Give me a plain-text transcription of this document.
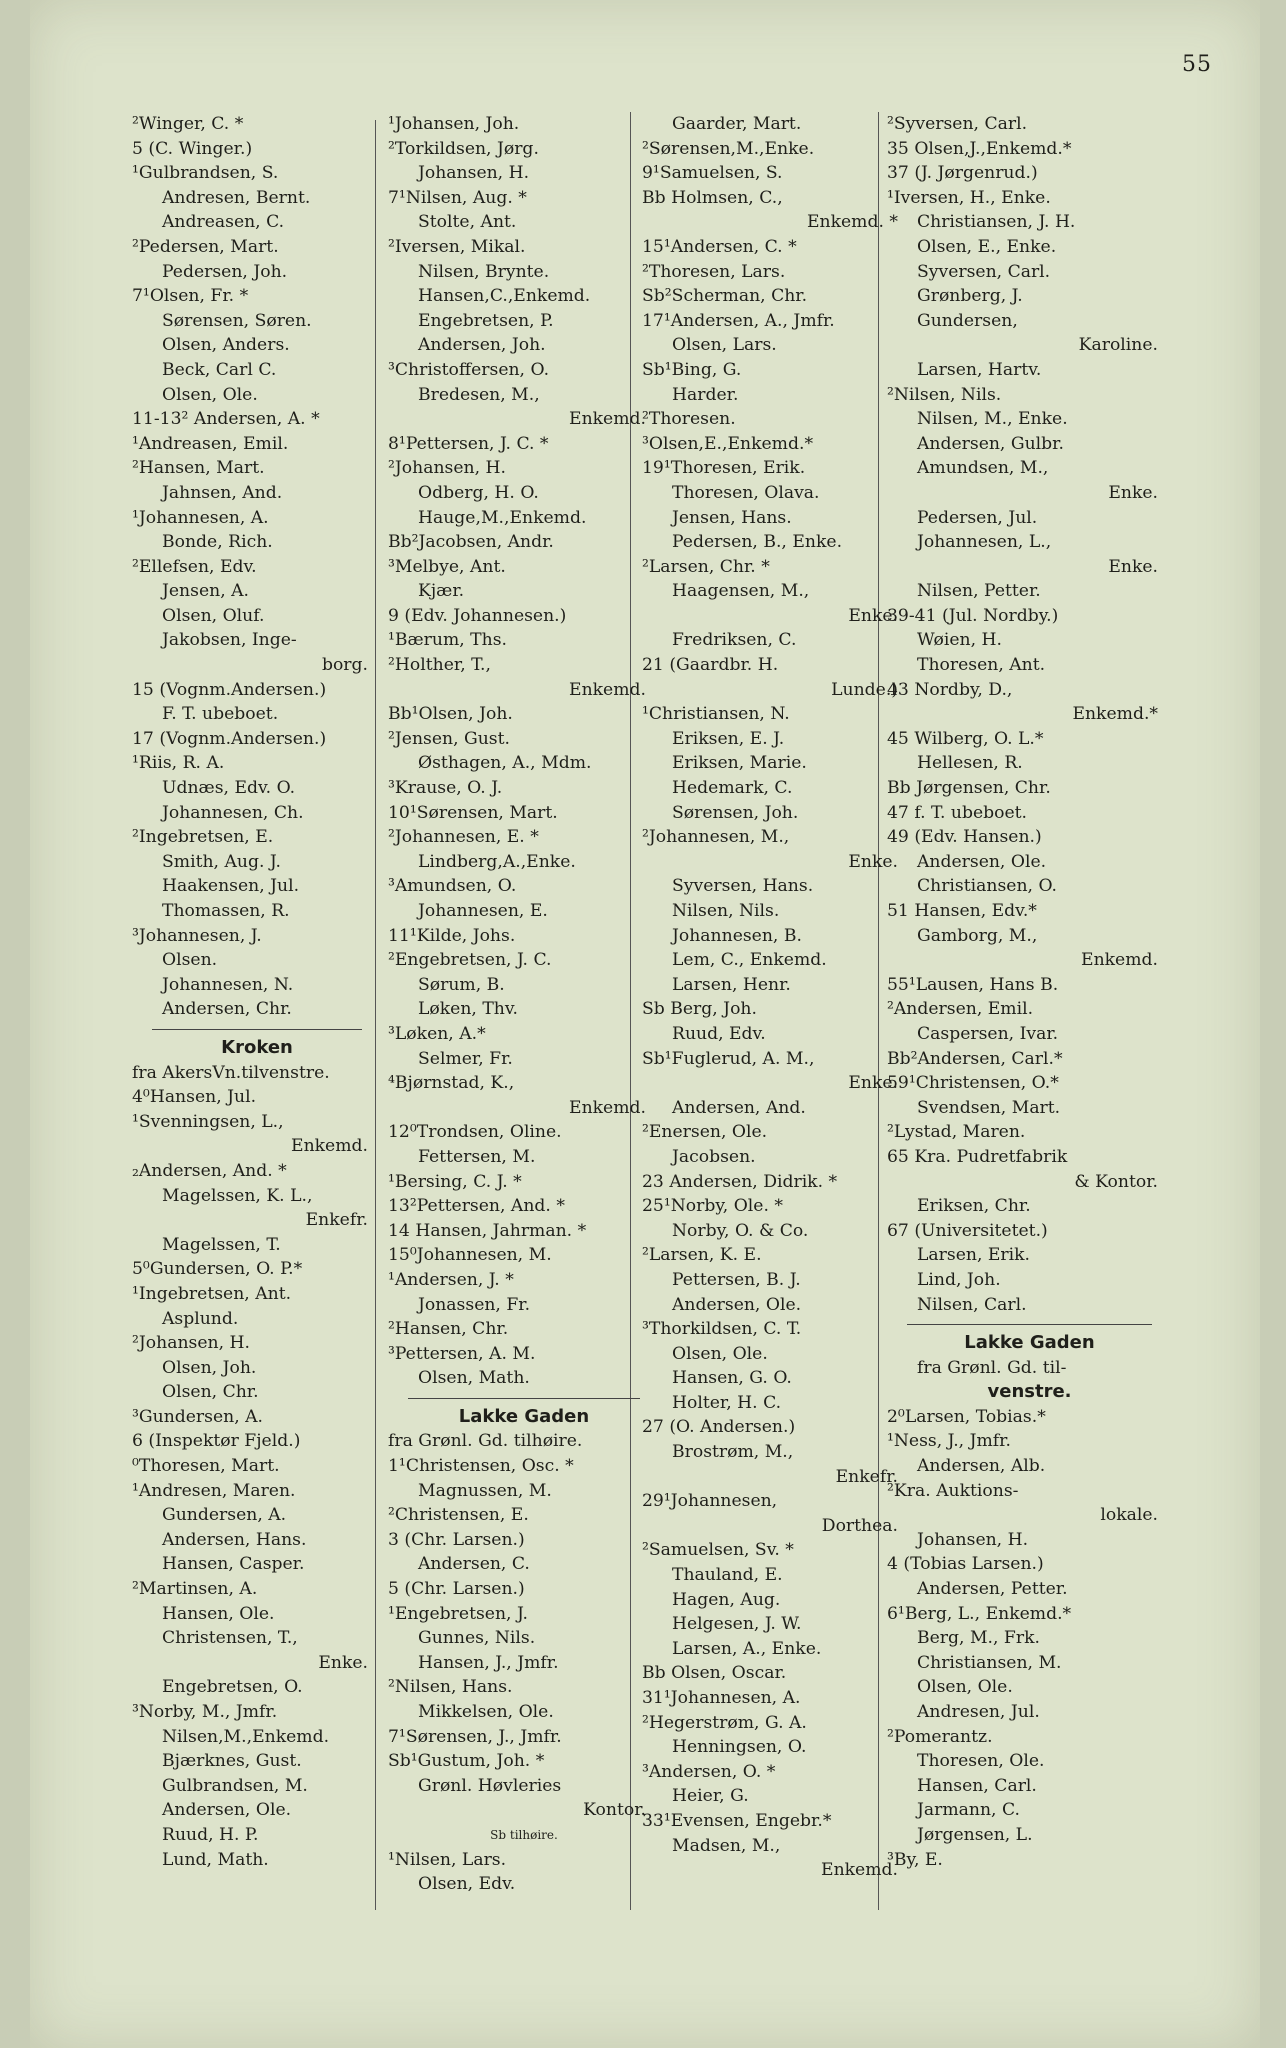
55
²Winger, C. *
5 (C. Winger.)
¹Gulbrandsen, S.
Andresen, Bernt.
Andreasen, C.
²Pedersen, Mart.
Pedersen, Joh.
7¹Olsen, Fr. *
Sørensen, Søren.
Olsen, Anders.
Beck, Carl C.
Olsen, Ole.
11-13² Andersen, A. *
¹Andreasen, Emil.
²Hansen, Mart.
Jahnsen, And.
¹Johannesen, A.
Bonde, Rich.
²Ellefsen, Edv.
Jensen, A.
Olsen, Oluf.
Jakobsen, Inge-
borg.
15 (Vognm.Andersen.)
F. T. ubeboet.
17 (Vognm.Andersen.)
¹Riis, R. A.
Udnæs, Edv. O.
Johannesen, Ch.
²Ingebretsen, E.
Smith, Aug. J.
Haakensen, Jul.
Thomassen, R.
³Johannesen, J.
Olsen.
Johannesen, N.
Andersen, Chr.
Kroken
fra AkersVn.tilvenstre.
4⁰Hansen, Jul.
¹Svenningsen, L.,
Enkemd.
₂Andersen, And. *
Magelssen, K. L.,
Enkefr.
Magelssen, T.
5⁰Gundersen, O. P.*
¹Ingebretsen, Ant.
Asplund.
²Johansen, H.
Olsen, Joh.
Olsen, Chr.
³Gundersen, A.
6 (Inspektør Fjeld.)
⁰Thoresen, Mart.
¹Andresen, Maren.
Gundersen, A.
Andersen, Hans.
Hansen, Casper.
²Martinsen, A.
Hansen, Ole.
Christensen, T.,
Enke.
Engebretsen, O.
³Norby, M., Jmfr.
Nilsen,M.,Enkemd.
Bjærknes, Gust.
Gulbrandsen, M.
Andersen, Ole.
Ruud, H. P.
Lund, Math.
¹Johansen, Joh.
²Torkildsen, Jørg.
Johansen, H.
7¹Nilsen, Aug. *
Stolte, Ant.
²Iversen, Mikal.
Nilsen, Brynte.
Hansen,C.,Enkemd.
Engebretsen, P.
Andersen, Joh.
³Christoffersen, O.
Bredesen, M.,
Enkemd.
8¹Pettersen, J. C. *
²Johansen, H.
Odberg, H. O.
Hauge,M.,Enkemd.
Bb²Jacobsen, Andr.
³Melbye, Ant.
Kjær.
9 (Edv. Johannesen.)
¹Bærum, Ths.
²Holther, T.,
Enkemd.
Bb¹Olsen, Joh.
²Jensen, Gust.
Østhagen, A., Mdm.
³Krause, O. J.
10¹Sørensen, Mart.
²Johannesen, E. *
Lindberg,A.,Enke.
³Amundsen, O.
Johannesen, E.
11¹Kilde, Johs.
²Engebretsen, J. C.
Sørum, B.
Løken, Thv.
³Løken, A.*
Selmer, Fr.
⁴Bjørnstad, K.,
Enkemd.
12⁰Trondsen, Oline.
Fettersen, M.
¹Bersing, C. J. *
13²Pettersen, And. *
14 Hansen, Jahrman. *
15⁰Johannesen, M.
¹Andersen, J. *
Jonassen, Fr.
²Hansen, Chr.
³Pettersen, A. M.
Olsen, Math.
Lakke Gaden
fra Grønl. Gd. tilhøire.
1¹Christensen, Osc. *
Magnussen, M.
²Christensen, E.
3 (Chr. Larsen.)
Andersen, C.
5 (Chr. Larsen.)
¹Engebretsen, J.
Gunnes, Nils.
Hansen, J., Jmfr.
²Nilsen, Hans.
Mikkelsen, Ole.
7¹Sørensen, J., Jmfr.
Sb¹Gustum, Joh. *
Grønl. Høvleries
Kontor.
Sb tilhøire.
¹Nilsen, Lars.
Olsen, Edv.
Gaarder, Mart.
²Sørensen,M.,Enke.
9¹Samuelsen, S.
Bb Holmsen, C.,
Enkemd. *
15¹Andersen, C. *
²Thoresen, Lars.
Sb²Scherman, Chr.
17¹Andersen, A., Jmfr.
Olsen, Lars.
Sb¹Bing, G.
Harder.
²Thoresen.
³Olsen,E.,Enkemd.*
19¹Thoresen, Erik.
Thoresen, Olava.
Jensen, Hans.
Pedersen, B., Enke.
²Larsen, Chr. *
Haagensen, M.,
Enke.
Fredriksen, C.
21 (Gaardbr. H.
Lunde.)
¹Christiansen, N.
Eriksen, E. J.
Eriksen, Marie.
Hedemark, C.
Sørensen, Joh.
²Johannesen, M.,
Enke.
Syversen, Hans.
Nilsen, Nils.
Johannesen, B.
Lem, C., Enkemd.
Larsen, Henr.
Sb Berg, Joh.
Ruud, Edv.
Sb¹Fuglerud, A. M.,
Enke.
Andersen, And.
²Enersen, Ole.
Jacobsen.
23 Andersen, Didrik. *
25¹Norby, Ole. *
Norby, O. & Co.
²Larsen, K. E.
Pettersen, B. J.
Andersen, Ole.
³Thorkildsen, C. T.
Olsen, Ole.
Hansen, G. O.
Holter, H. C.
27 (O. Andersen.)
Brostrøm, M.,
Enkefr.
29¹Johannesen,
Dorthea.
²Samuelsen, Sv. *
Thauland, E.
Hagen, Aug.
Helgesen, J. W.
Larsen, A., Enke.
Bb Olsen, Oscar.
31¹Johannesen, A.
²Hegerstrøm, G. A.
Henningsen, O.
³Andersen, O. *
Heier, G.
33¹Evensen, Engebr.*
Madsen, M.,
Enkemd.
²Syversen, Carl.
35 Olsen,J.,Enkemd.*
37 (J. Jørgenrud.)
¹Iversen, H., Enke.
Christiansen, J. H.
Olsen, E., Enke.
Syversen, Carl.
Grønberg, J.
Gundersen,
Karoline.
Larsen, Hartv.
²Nilsen, Nils.
Nilsen, M., Enke.
Andersen, Gulbr.
Amundsen, M.,
Enke.
Pedersen, Jul.
Johannesen, L.,
Enke.
Nilsen, Petter.
39-41 (Jul. Nordby.)
Wøien, H.
Thoresen, Ant.
43 Nordby, D.,
Enkemd.*
45 Wilberg, O. L.*
Hellesen, R.
Bb Jørgensen, Chr.
47 f. T. ubeboet.
49 (Edv. Hansen.)
Andersen, Ole.
Christiansen, O.
51 Hansen, Edv.*
Gamborg, M.,
Enkemd.
55¹Lausen, Hans B.
²Andersen, Emil.
Caspersen, Ivar.
Bb²Andersen, Carl.*
59¹Christensen, O.*
Svendsen, Mart.
²Lystad, Maren.
65 Kra. Pudretfabrik
& Kontor.
Eriksen, Chr.
67 (Universitetet.)
Larsen, Erik.
Lind, Joh.
Nilsen, Carl.
Lakke Gaden
fra Grønl. Gd. til-
venstre.
2⁰Larsen, Tobias.*
¹Ness, J., Jmfr.
Andersen, Alb.
²Kra. Auktions-
lokale.
Johansen, H.
4 (Tobias Larsen.)
Andersen, Petter.
6¹Berg, L., Enkemd.*
Berg, M., Frk.
Christiansen, M.
Olsen, Ole.
Andresen, Jul.
²Pomerantz.
Thoresen, Ole.
Hansen, Carl.
Jarmann, C.
Jørgensen, L.
³By, E.
